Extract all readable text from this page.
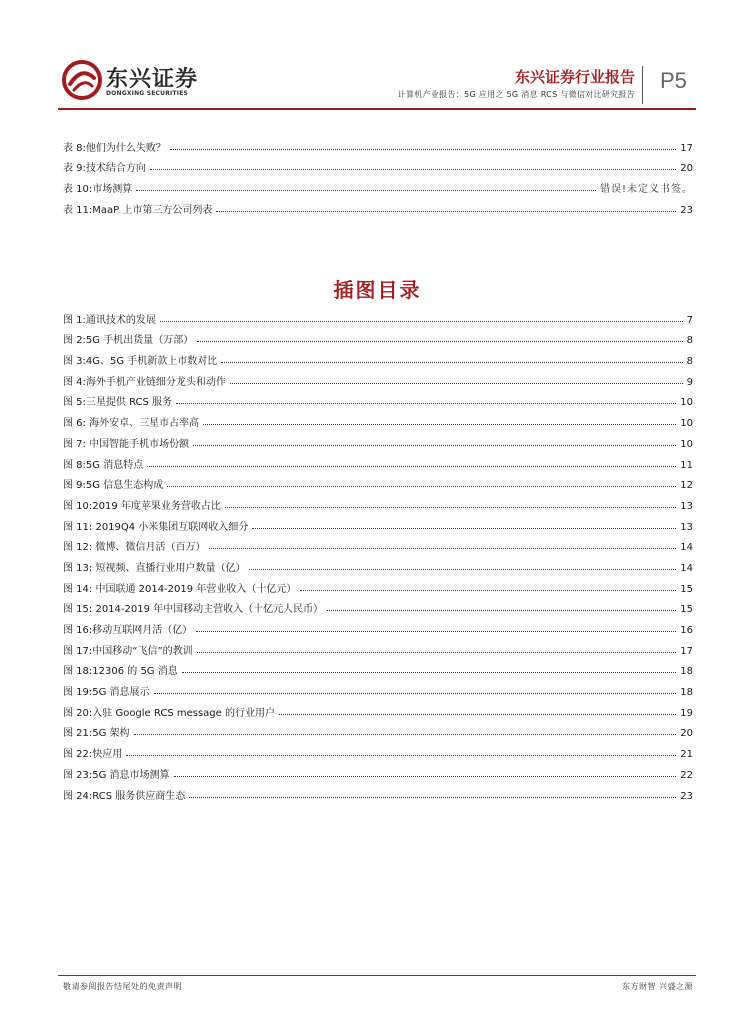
东兴证券
DONGXING SECURITIES
东兴证券行业报告
计算机产业报告：5G 应用之 5G 消息 RCS 与微信对比研究报告
P5
表 8:他们为什么失败？	17
表 9:技术结合方向	20
表 10:市场测算	错误!未定义书签。
表 11:MaaP 上市第三方公司列表	23
插图目录
图 1:通讯技术的发展	7
图 2:5G 手机出货量（万部）	8
图 3:4G、5G 手机新款上市数对比	8
图 4:海外手机产业链细分龙头和动作	9
图 5:三星提供 RCS 服务	10
图 6: 海外安卓、三星市占率高	10
图 7: 中国智能手机市场份额	10
图 8:5G 消息特点	11
图 9:5G 信息生态构成	12
图 10:2019 年度苹果业务营收占比	13
图 11: 2019Q4 小米集团互联网收入细分	13
图 12: 微博、微信月活（百万）	14
图 13: 短视频、直播行业用户数量（亿）	14
图 14: 中国联通 2014-2019 年营业收入（十亿元）	15
图 15: 2014-2019 年中国移动主营收入（十亿元人民币）	15
图 16:移动互联网月活（亿）	16
图 17:中国移动“飞信”的教训	17
图 18:12306 的 5G 消息	18
图 19:5G 消息展示	18
图 20:入驻 Google RCS message 的行业用户	19
图 21:5G 架构	20
图 22:快应用	21
图 23:5G 消息市场测算	22
图 24:RCS 服务供应商生态	23
敬请参阅报告结尾处的免责声明	东方财智 兴盛之源
